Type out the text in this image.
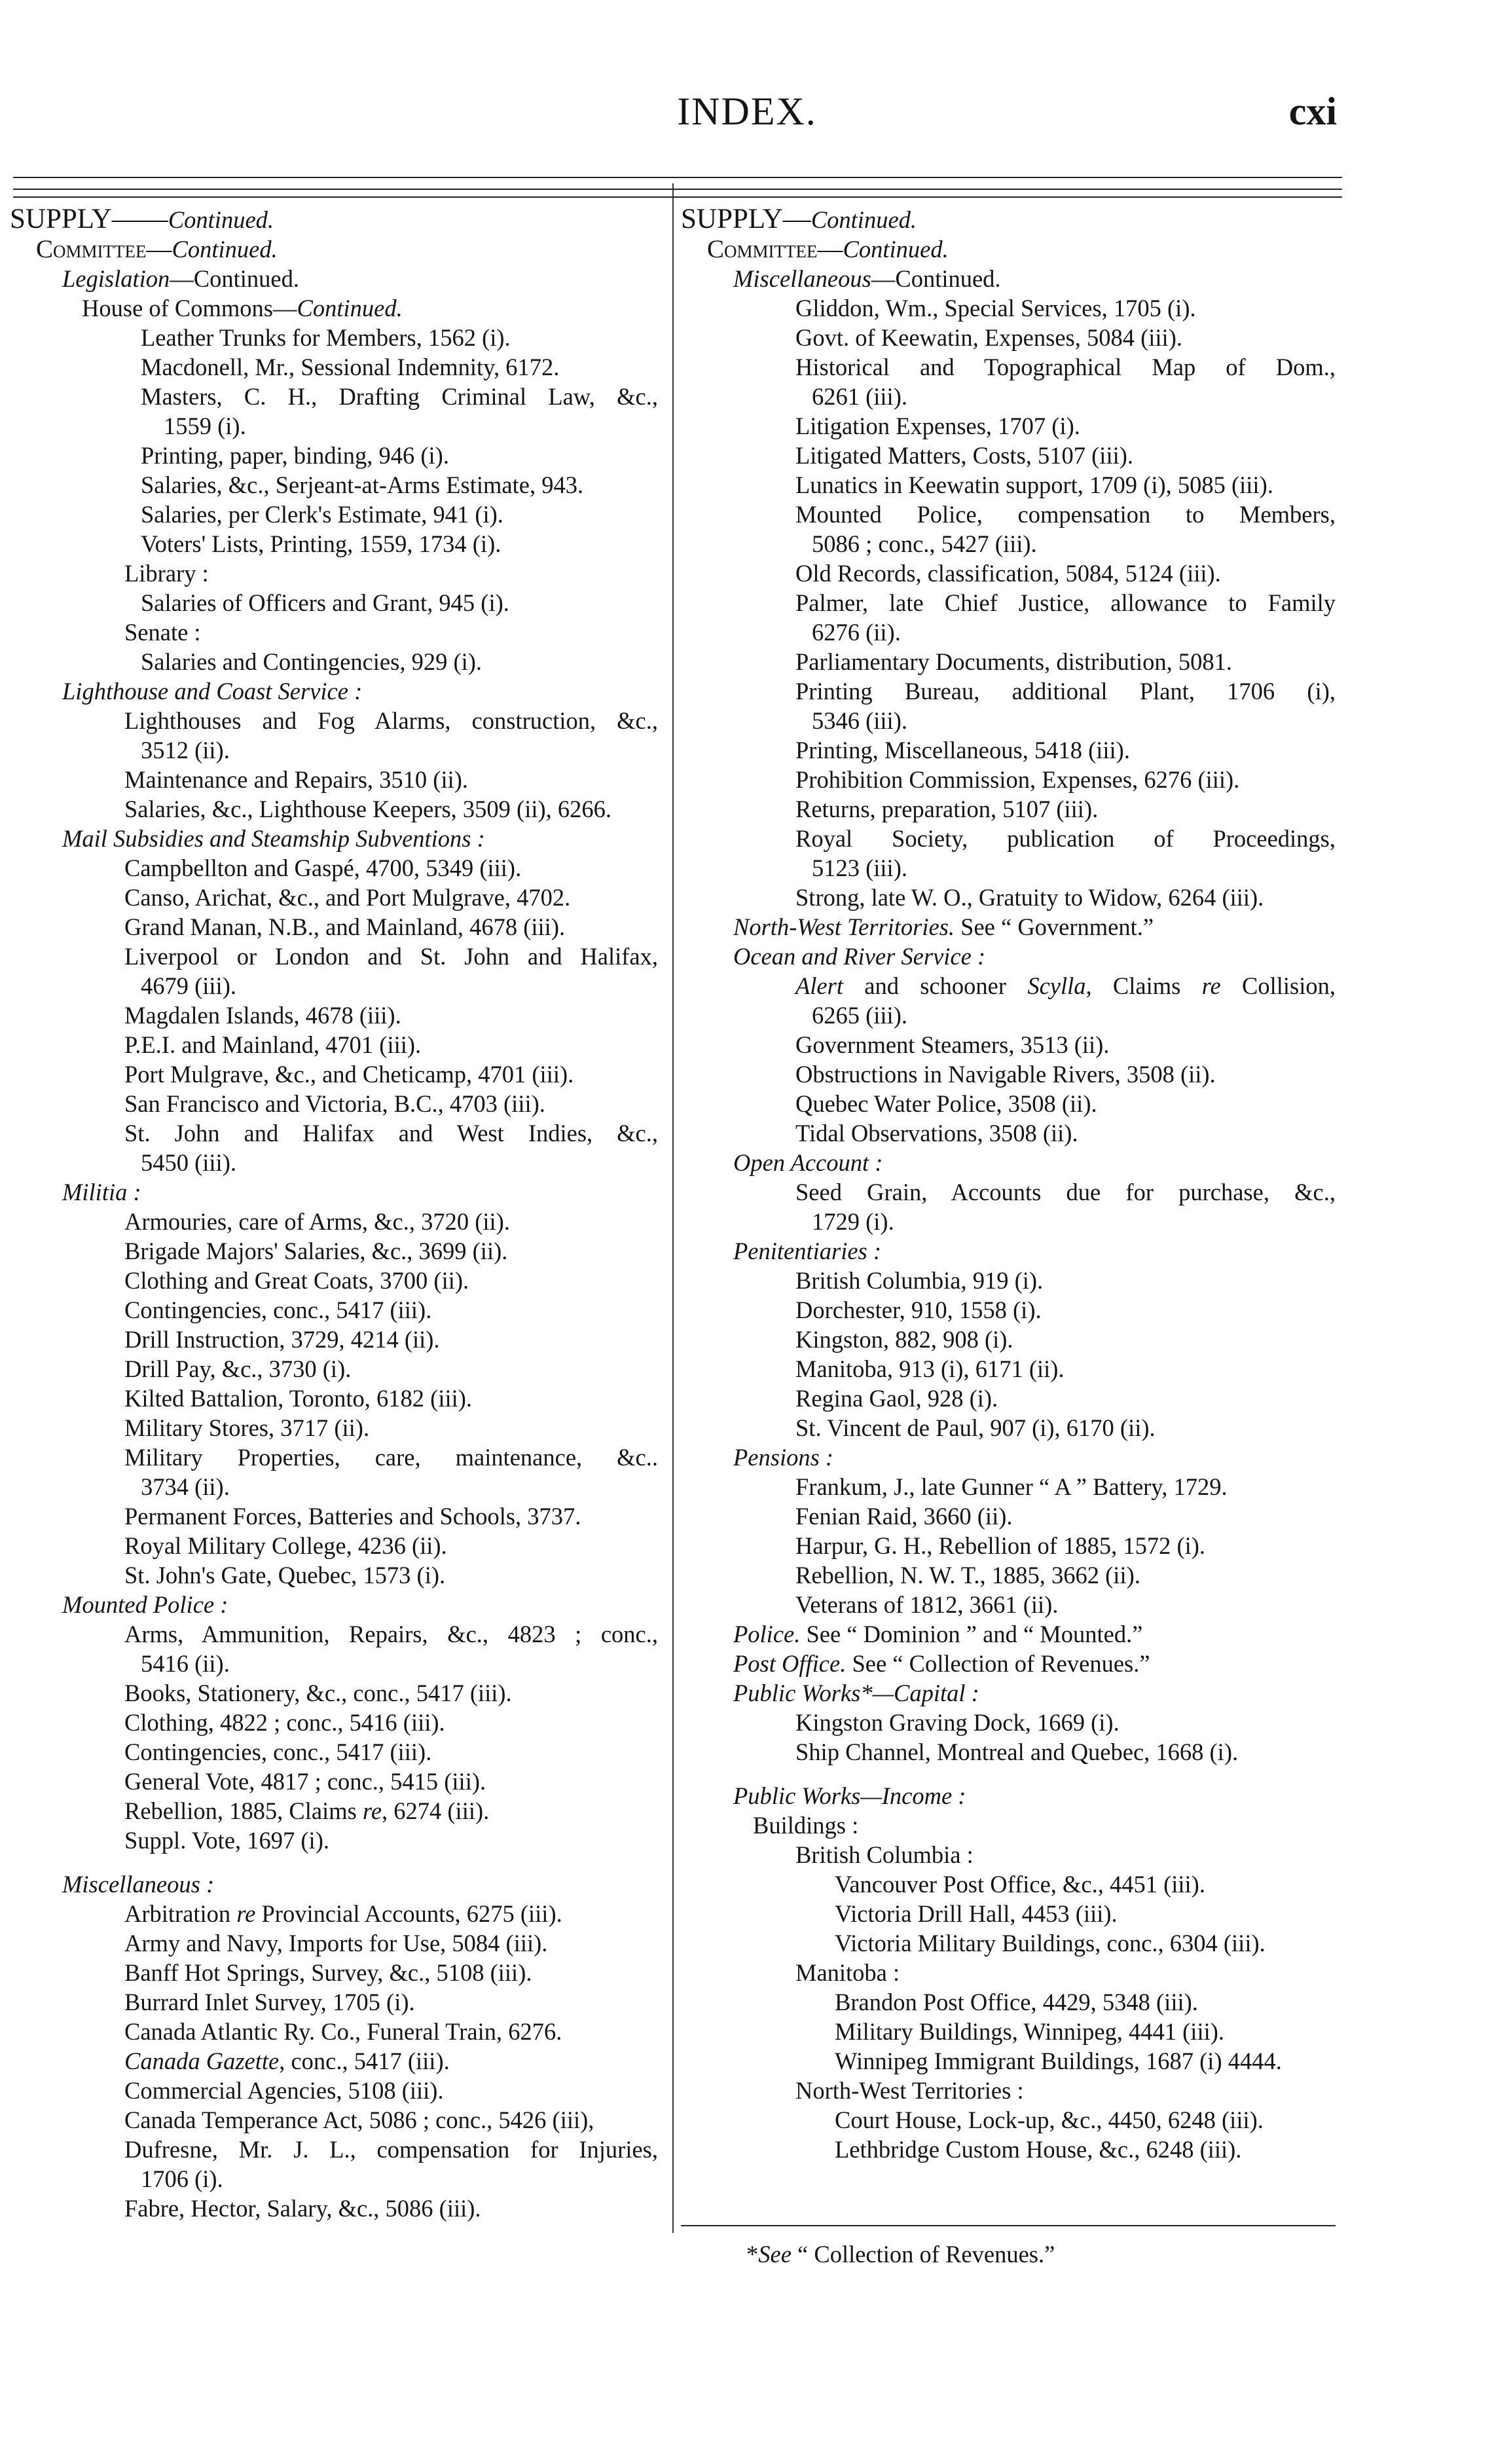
INDEX.	cxi
SUPPLY——Continued.
Committee—Continued.
Legislation—Continued.
House of Commons—Continued.
Leather Trunks for Members, 1562 (i).
Macdonell, Mr., Sessional Indemnity, 6172.
Masters, C. H., Drafting Criminal Law, &c.,
1559 (i).
Printing, paper, binding, 946 (i).
Salaries, &c., Serjeant-at-Arms Estimate, 943.
Salaries, per Clerk's Estimate, 941 (i).
Voters' Lists, Printing, 1559, 1734 (i).
Library :
Salaries of Officers and Grant, 945 (i).
Senate :
Salaries and Contingencies, 929 (i).
Lighthouse and Coast Service :
Lighthouses and Fog Alarms, construction, &c.,
3512 (ii).
Maintenance and Repairs, 3510 (ii).
Salaries, &c., Lighthouse Keepers, 3509 (ii), 6266.
Mail Subsidies and Steamship Subventions :
Campbellton and Gaspé, 4700, 5349 (iii).
Canso, Arichat, &c., and Port Mulgrave, 4702.
Grand Manan, N.B., and Mainland, 4678 (iii).
Liverpool or London and St. John and Halifax,
4679 (iii).
Magdalen Islands, 4678 (iii).
P.E.I. and Mainland, 4701 (iii).
Port Mulgrave, &c., and Cheticamp, 4701 (iii).
San Francisco and Victoria, B.C., 4703 (iii).
St. John and Halifax and West Indies, &c.,
5450 (iii).
Militia :
Armouries, care of Arms, &c., 3720 (ii).
Brigade Majors' Salaries, &c., 3699 (ii).
Clothing and Great Coats, 3700 (ii).
Contingencies, conc., 5417 (iii).
Drill Instruction, 3729, 4214 (ii).
Drill Pay, &c., 3730 (i).
Kilted Battalion, Toronto, 6182 (iii).
Military Stores, 3717 (ii).
Military Properties, care, maintenance, &c..
3734 (ii).
Permanent Forces, Batteries and Schools, 3737.
Royal Military College, 4236 (ii).
St. John's Gate, Quebec, 1573 (i).
Mounted Police :
Arms, Ammunition, Repairs, &c., 4823 ; conc.,
5416 (ii).
Books, Stationery, &c., conc., 5417 (iii).
Clothing, 4822 ; conc., 5416 (iii).
Contingencies, conc., 5417 (iii).
General Vote, 4817 ; conc., 5415 (iii).
Rebellion, 1885, Claims re, 6274 (iii).
Suppl. Vote, 1697 (i).
Miscellaneous :
Arbitration re Provincial Accounts, 6275 (iii).
Army and Navy, Imports for Use, 5084 (iii).
Banff Hot Springs, Survey, &c., 5108 (iii).
Burrard Inlet Survey, 1705 (i).
Canada Atlantic Ry. Co., Funeral Train, 6276.
Canada Gazette, conc., 5417 (iii).
Commercial Agencies, 5108 (iii).
Canada Temperance Act, 5086 ; conc., 5426 (iii),
Dufresne, Mr. J. L., compensation for Injuries,
1706 (i).
Fabre, Hector, Salary, &c., 5086 (iii).
SUPPLY—Continued.
Committee—Continued.
Miscellaneous—Continued.
Gliddon, Wm., Special Services, 1705 (i).
Govt. of Keewatin, Expenses, 5084 (iii).
Historical and Topographical Map of Dom.,
6261 (iii).
Litigation Expenses, 1707 (i).
Litigated Matters, Costs, 5107 (iii).
Lunatics in Keewatin support, 1709 (i), 5085 (iii).
Mounted Police, compensation to Members,
5086 ; conc., 5427 (iii).
Old Records, classification, 5084, 5124 (iii).
Palmer, late Chief Justice, allowance to Family
6276 (ii).
Parliamentary Documents, distribution, 5081.
Printing Bureau, additional Plant, 1706 (i),
5346 (iii).
Printing, Miscellaneous, 5418 (iii).
Prohibition Commission, Expenses, 6276 (iii).
Returns, preparation, 5107 (iii).
Royal Society, publication of Proceedings,
5123 (iii).
Strong, late W. O., Gratuity to Widow, 6264 (iii).
North-West Territories. See “ Government.”
Ocean and River Service :
Alert and schooner Scylla, Claims re Collision,
6265 (iii).
Government Steamers, 3513 (ii).
Obstructions in Navigable Rivers, 3508 (ii).
Quebec Water Police, 3508 (ii).
Tidal Observations, 3508 (ii).
Open Account :
Seed Grain, Accounts due for purchase, &c.,
1729 (i).
Penitentiaries :
British Columbia, 919 (i).
Dorchester, 910, 1558 (i).
Kingston, 882, 908 (i).
Manitoba, 913 (i), 6171 (ii).
Regina Gaol, 928 (i).
St. Vincent de Paul, 907 (i), 6170 (ii).
Pensions :
Frankum, J., late Gunner “ A ” Battery, 1729.
Fenian Raid, 3660 (ii).
Harpur, G. H., Rebellion of 1885, 1572 (i).
Rebellion, N. W. T., 1885, 3662 (ii).
Veterans of 1812, 3661 (ii).
Police. See “ Dominion ” and “ Mounted.”
Post Office. See “ Collection of Revenues.”
Public Works*—Capital :
Kingston Graving Dock, 1669 (i).
Ship Channel, Montreal and Quebec, 1668 (i).
Public Works—Income :
Buildings :
British Columbia :
Vancouver Post Office, &c., 4451 (iii).
Victoria Drill Hall, 4453 (iii).
Victoria Military Buildings, conc., 6304 (iii).
Manitoba :
Brandon Post Office, 4429, 5348 (iii).
Military Buildings, Winnipeg, 4441 (iii).
Winnipeg Immigrant Buildings, 1687 (i) 4444.
North-West Territories :
Court House, Lock-up, &c., 4450, 6248 (iii).
Lethbridge Custom House, &c., 6248 (iii).
*See “ Collection of Revenues.”
